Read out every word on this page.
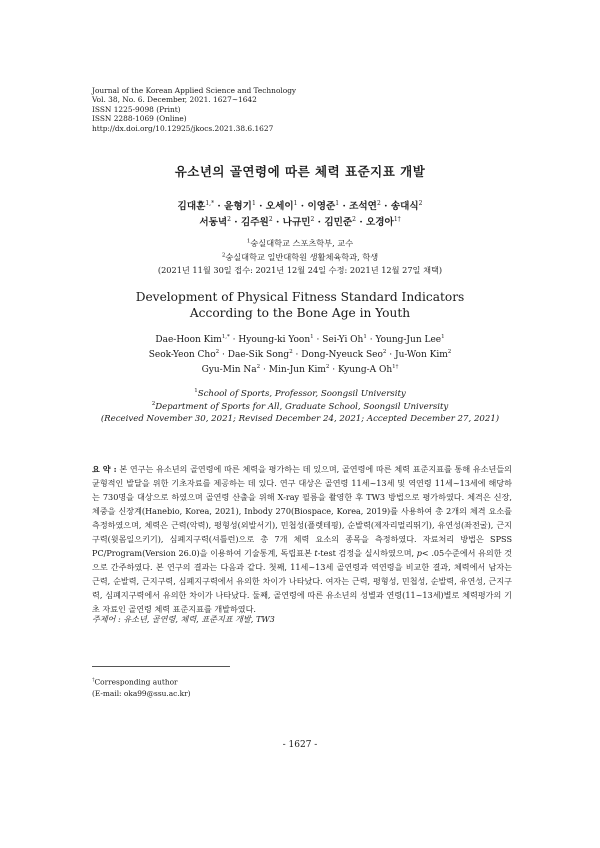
Journal of the Korean Applied Science and Technology
Vol. 38, No. 6. December, 2021. 1627~1642
ISSN 1225-9098 (Print)
ISSN 2288-1069 (Online)
http://dx.doi.org/10.12925/jkocs.2021.38.6.1627
유소년의 골연령에 따른 체력 표준지표 개발
김대훈$^{1,*}$ · 윤형기$^1$ · 오세이$^1$ · 이영준$^1$ · 조석연$^2$ · 송대식$^2$
서동녁$^2$ · 김주원$^2$ · 나규민$^2$ · 김민준$^2$ · 오경아$^{1\dagger}$
$^1$숭실대학교 스포츠학부, 교수
$^2$숭실대학교 일반대학원 생활체육학과, 학생
(2021년 11월 30일 접수: 2021년 12월 24일 수정: 2021년 12월 27일 채택)
Development of Physical Fitness Standard Indicators
According to the Bone Age in Youth
Dae-Hoon Kim$^{1,*}$ · Hyoung-ki Yoon$^1$ · Sei-Yi $Oh^1$ · Young-Jun Lee$^1$
Seok-Yeon Cho$^2$ · Dae-Sik Song$^2$ · Dong-Nyeuck Seo$^2$ · Ju-Won Kim$^2$
Gyu-Min $Na^2 \cdot Min-Jun$ Kim$^2$ · Kyung-A $Oh^{1\dagger}$
$^1$School of Sports, Professor, Soongsil University
$^2$Department of Sports for All, Graduate School, Soongsil University
(Received November 30, 2021; Revised December 24, 2021; Accepted December 27, 2021)

요 약 : 본 연구는 유소년의 골연령에 따른 체력을 평가하는 데 있으며, 골연령에 따른 체력 표준지표를 통해 유소년들의 균형적인 발달을 위한 기초자료를 제공하는 데 있다. 연구 대상은 골연령 11세~13세 및 역연령 11세~13세에 해당하는 730명을 대상으로 하였으며 골연령 산출을 위해 X-ray 필름을 촬영한 후 TW3 방법으로 평가하였다. 체격은 신장, 체중을 신장계(Hanebio, Korea, 2021), Inbody 270(Biospace, Korea, 2019)를 사용하여 총 2개의 체격 요소를 측정하였으며, 체력은 근력(악력), 평형성(외발서기), 민첩성(플렛테핑), 순발력(제자리멀리뛰기), 유연성(좌전굴), 근지구력(윗몸일으키기), 심폐지구력(셔틀런)으로 총 7개 체력 요소의 종목을 측정하였다. 자료처리 방법은 SPSS PC/Program(Version 26.0)을 이용하여 기술통계, 독립표본 t-test 검정을 실시하였으며, p< .05수준에서 유의한 것으로 간주하였다. 본 연구의 결과는 다음과 같다. 첫째, 11세~13세 골연령과 역연령을 비교한 결과, 체력에서 남자는 근력, 순발력, 근지구력, 심폐지구력에서 유의한 차이가 나타났다. 여자는 근력, 평형성, 민첩성, 순발력, 유연성, 근지구력, 심폐지구력에서 유의한 차이가 나타났다. 둘째, 골연령에 따른 유소년의 성별과 연령(11~13세)별로 체력평가의 기초 자료인 골연령 체력 표준지표를 개발하였다.

주제어 : 유소년, 골연령, 체력, 표준지표 개발, TW3
†Corresponding author
(E-mail: oka99@ssu.ac.kr)
- 1627 -
